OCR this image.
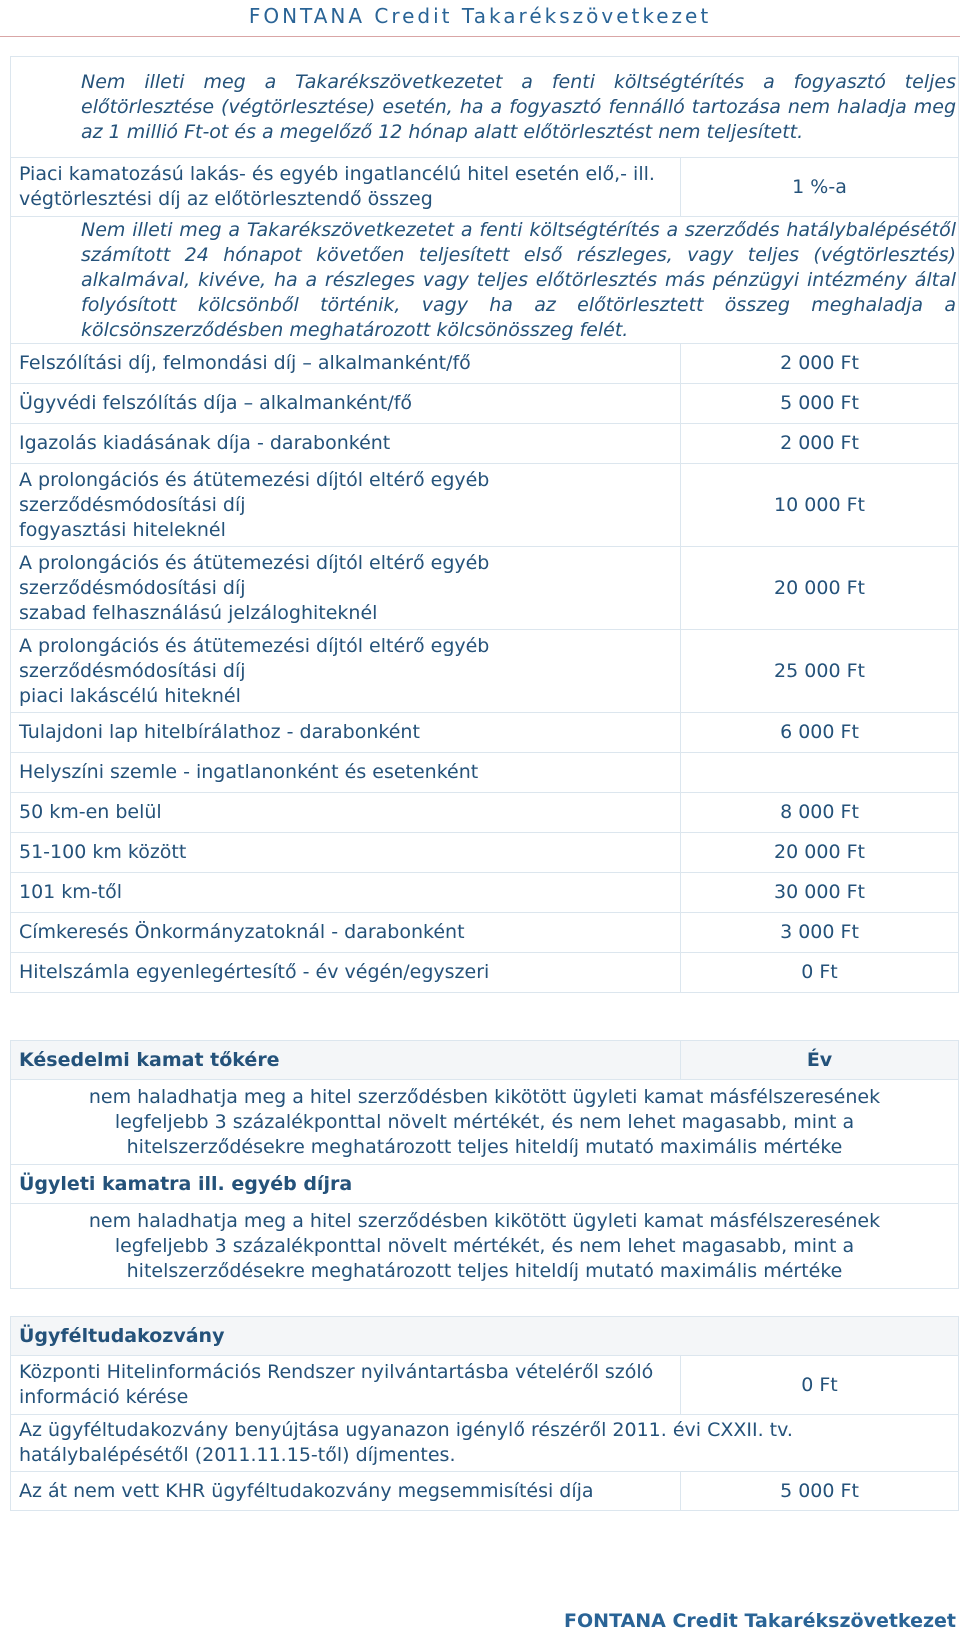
FONTANA Credit Takarékszövetkezet
Nem illeti meg a Takarékszövetkezetet a fenti költségtérítés a fogyasztó teljes előtörlesztése (végtörlesztése) esetén, ha a fogyasztó fennálló tartozása nem haladja meg az 1 millió Ft-ot és a megelőző 12 hónap alatt előtörlesztést nem teljesített.	
Piaci kamatozású lakás- és egyéb ingatlancélú hitel esetén elő,- ill. végtörlesztési díj az előtörlesztendő összeg	1 %-a
Nem illeti meg a Takarékszövetkezetet a fenti költségtérítés a szerződés hatálybalépésétől számított 24 hónapot követően teljesített első részleges, vagy teljes (végtörlesztés) alkalmával, kivéve, ha a részleges vagy teljes előtörlesztés más pénzügyi intézmény által folyósított kölcsönből történik, vagy ha az előtörlesztett összeg meghaladja a kölcsönszerződésben meghatározott kölcsönösszeg felét.	
Felszólítási díj, felmondási díj – alkalmanként/fő	2 000 Ft
Ügyvédi felszólítás díja – alkalmanként/fő	5 000 Ft
Igazolás kiadásának díja - darabonként	2 000 Ft

A prolongációs és átütemezési díjtól eltérő egyéb
szerződésmódosítási díj
fogyasztási hiteleknél	10 000 Ft

A prolongációs és átütemezési díjtól eltérő egyéb
szerződésmódosítási díj
szabad felhasználású jelzáloghiteknél	20 000 Ft

A prolongációs és átütemezési díjtól eltérő egyéb
szerződésmódosítási díj
piaci lakáscélú hiteknél	25 000 Ft
Tulajdoni lap hitelbírálathoz - darabonként	6 000 Ft
Helyszíni szemle - ingatlanonként és esetenként	
50 km-en belül	8 000 Ft
51-100 km között	20 000 Ft
101 km-től	30 000 Ft
Címkeresés Önkormányzatoknál - darabonként	3 000 Ft
Hitelszámla egyenlegértesítő - év végén/egyszeri	0 Ft
Késedelmi kamat tőkére	Év
nem haladhatja meg a hitel szerződésben kikötött ügyleti kamat másfélszeresének legfeljebb 3 százalékponttal növelt mértékét, és nem lehet magasabb, mint a hitelszerződésekre meghatározott teljes hiteldíj mutató maximális mértéke
Ügyleti kamatra ill. egyéb díjra
nem haladhatja meg a hitel szerződésben kikötött ügyleti kamat másfélszeresének legfeljebb 3 százalékponttal növelt mértékét, és nem lehet magasabb, mint a hitelszerződésekre meghatározott teljes hiteldíj mutató maximális mértéke
Ügyféltudakozvány	
Központi Hitelinformációs Rendszer nyilvántartásba vételéről szóló információ kérése	0 Ft
Az ügyféltudakozvány benyújtása ugyanazon igénylő részéről 2011. évi CXXII. tv. hatálybalépésétől (2011.11.15-től) díjmentes.	
Az át nem vett KHR ügyféltudakozvány megsemmisítési díja	5 000 Ft
FONTANA Credit Takarékszövetkezet
